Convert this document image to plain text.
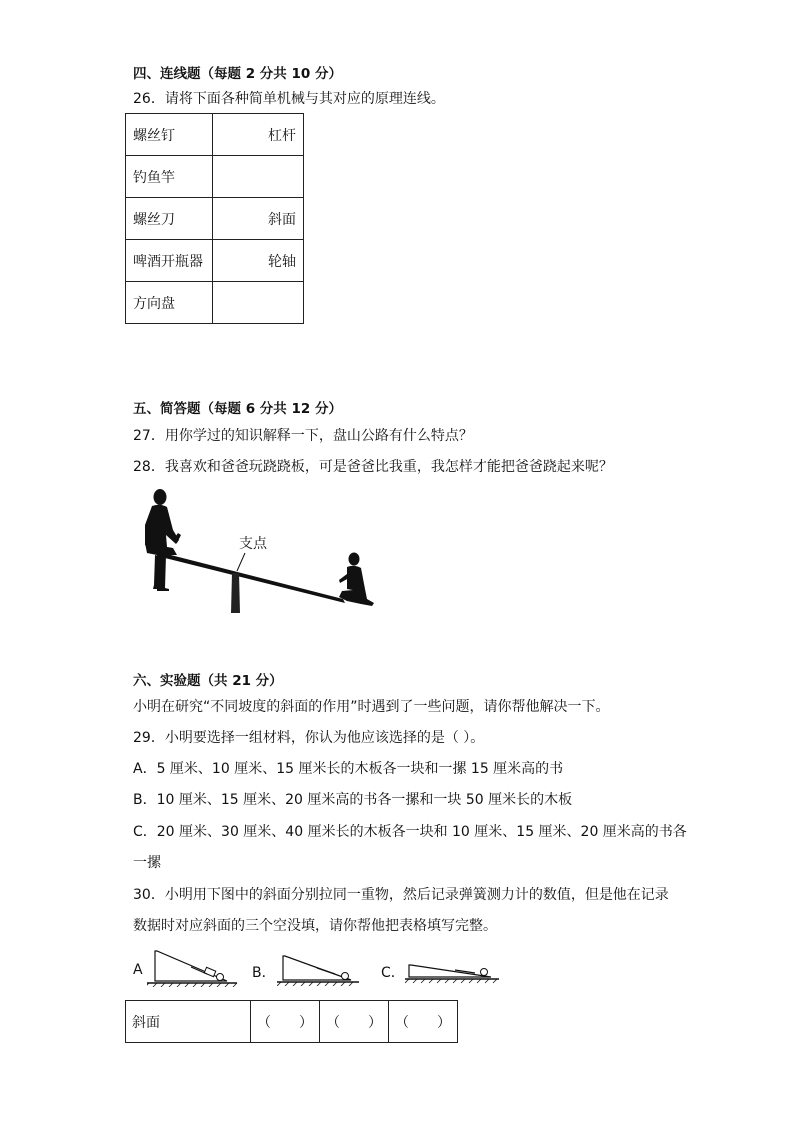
四、连线题（每题 2 分共 10 分）
26．请将下面各种简单机械与其对应的原理连线。
螺丝钉	杠杆
钓鱼竿	
螺丝刀	斜面
啤酒开瓶器	轮轴
方向盘	
五、简答题（每题 6 分共 12 分）
27．用你学过的知识解释一下，盘山公路有什么特点？
28．我喜欢和爸爸玩跷跷板，可是爸爸比我重，我怎样才能把爸爸跷起来呢？
支点
六、实验题（共 21 分）
小明在研究“不同坡度的斜面的作用”时遇到了一些问题，请你帮他解决一下。
29．小明要选择一组材料，你认为他应该选择的是（ ）。
A．5 厘米、10 厘米、15 厘米长的木板各一块和一摞 15 厘米高的书
B．10 厘米、15 厘米、20 厘米高的书各一摞和一块 50 厘米长的木板
C．20 厘米、30 厘米、40 厘米长的木板各一块和 10 厘米、15 厘米、20 厘米高的书各
一摞
30．小明用下图中的斜面分别拉同一重物，然后记录弹簧测力计的数值，但是他在记录
数据时对应斜面的三个空没填，请你帮他把表格填写完整。
A	B．	C．
斜面	（　　）	（　　）	（　　）
